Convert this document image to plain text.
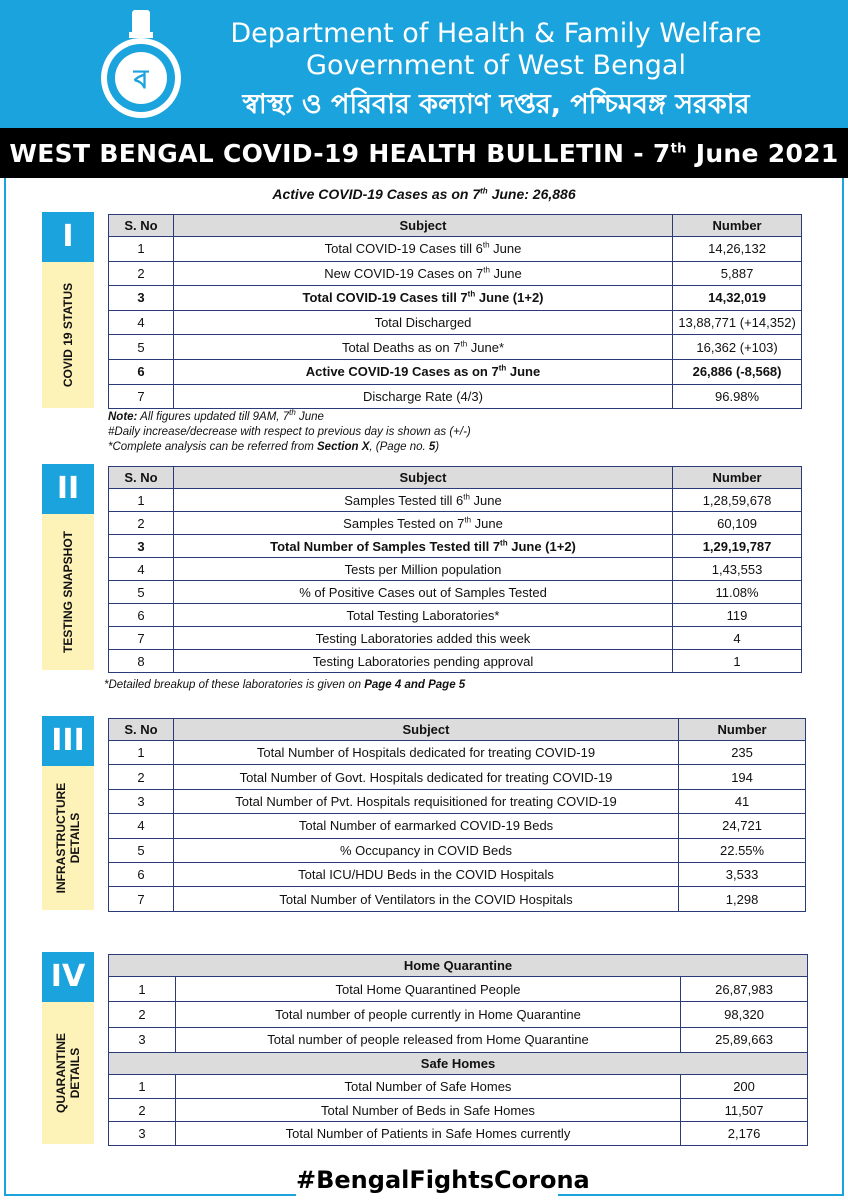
ব
Department of Health & Family Welfare
Government of West Bengal
স্বাস্থ্য ও পরিবার কল্যাণ দপ্তর, পশ্চিমবঙ্গ সরকার
WEST BENGAL COVID-19 HEALTH BULLETIN - 7th June 2021
Active COVID-19 Cases as on 7th June: 26,886
I
COVID 19 STATUS
S. No	Subject	Number
1	Total COVID-19 Cases till 6th June	14,26,132
2	New COVID-19 Cases on 7th June	5,887
3	Total COVID-19 Cases till 7th June (1+2)	14,32,019
4	Total Discharged	13,88,771 (+14,352)
5	Total Deaths as on 7th June*	16,362 (+103)
6	Active COVID-19 Cases as on 7th June	26,886 (-8,568)
7	Discharge Rate (4/3)	96.98%
Note: All figures updated till 9AM, 7th June
#Daily increase/decrease with respect to previous day is shown as (+/-)
*Complete analysis can be referred from Section X, (Page no. 5)
II
TESTING SNAPSHOT
S. No	Subject	Number
1	Samples Tested till 6th June	1,28,59,678
2	Samples Tested on 7th June	60,109
3	Total Number of Samples Tested till 7th June (1+2)	1,29,19,787
4	Tests per Million population	1,43,553
5	% of Positive Cases out of Samples Tested	11.08%
6	Total Testing Laboratories*	119
7	Testing Laboratories added this week	4
8	Testing Laboratories pending approval	1
*Detailed breakup of these laboratories is given on Page 4 and Page 5
III
INFRASTRUCTURE DETAILS
S. No	Subject	Number
1	Total Number of Hospitals dedicated for treating COVID-19	235
2	Total Number of Govt. Hospitals dedicated for treating COVID-19	194
3	Total Number of Pvt. Hospitals requisitioned for treating COVID-19	41
4	Total Number of earmarked COVID-19 Beds	24,721
5	% Occupancy in COVID Beds	22.55%
6	Total ICU/HDU Beds in the COVID Hospitals	3,533
7	Total Number of Ventilators in the COVID Hospitals	1,298
IV
QUARANTINE DETAILS
Home Quarantine		
1	Total Home Quarantined People	26,87,983
2	Total number of people currently in Home Quarantine	98,320
3	Total number of people released from Home Quarantine	25,89,663
Safe Homes		
1	Total Number of Safe Homes	200
2	Total Number of Beds in Safe Homes	11,507
3	Total Number of Patients in Safe Homes currently	2,176
#BengalFightsCorona
